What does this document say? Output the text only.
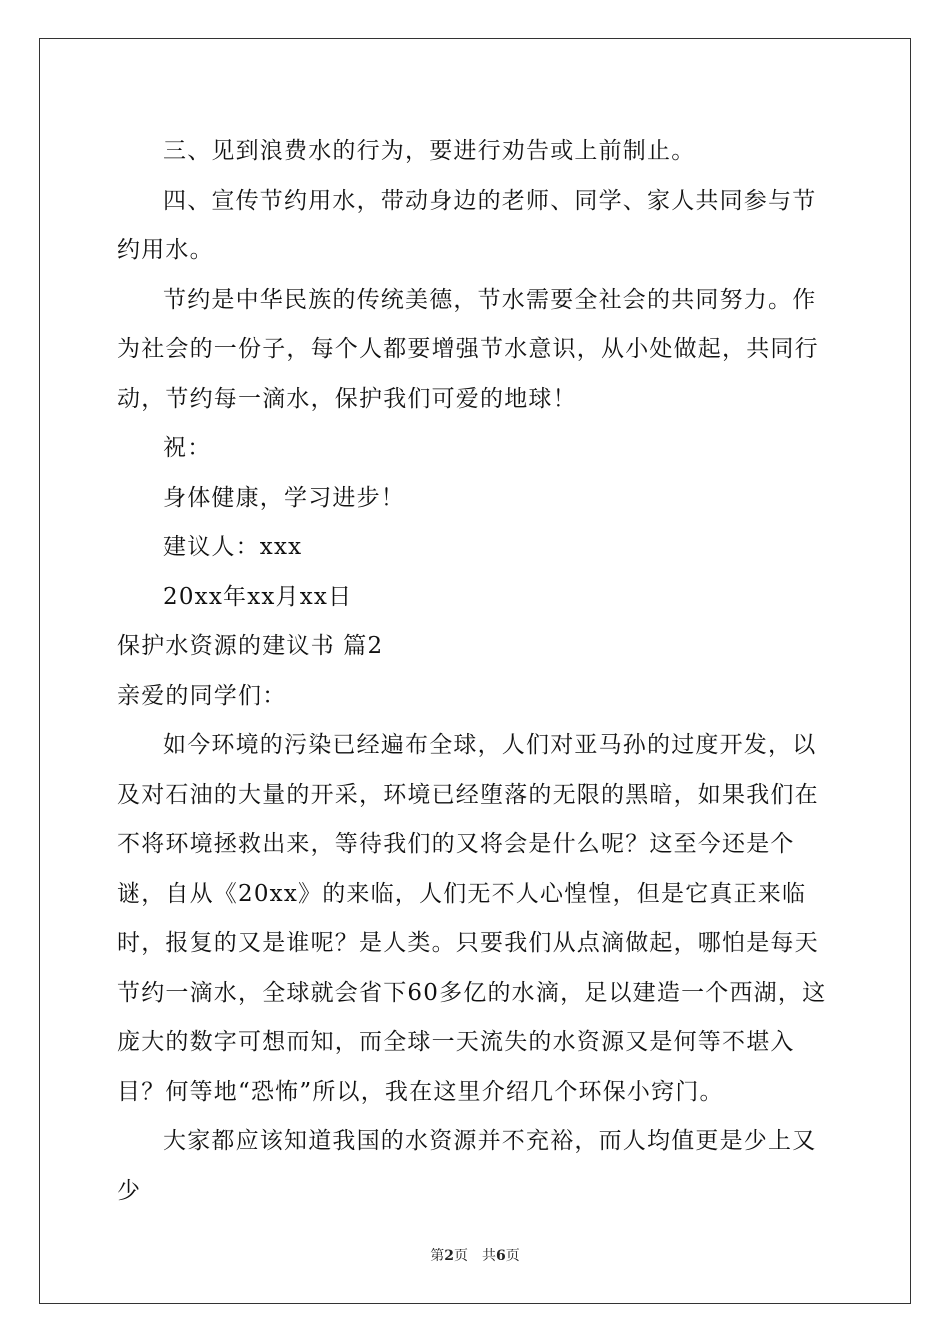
三、见到浪费水的行为，要进行劝告或上前制止。

四、宣传节约用水，带动身边的老师、同学、家人共同参与节约用水。

节约是中华民族的传统美德，节水需要全社会的共同努力。作为社会的一份子，每个人都要增强节水意识，从小处做起，共同行动，节约每一滴水，保护我们可爱的地球！

祝：

身体健康，学习进步！

建议人：xxx

20xx年xx月xx日

保护水资源的建议书 篇2

亲爱的同学们：

如今环境的污染已经遍布全球，人们对亚马孙的过度开发，以及对石油的大量的开采，环境已经堕落的无限的黑暗，如果我们在不将环境拯救出来，等待我们的又将会是什么呢？这至今还是个谜，自从《20xx》的来临，人们无不人心惶惶，但是它真正来临时，报复的又是谁呢？是人类。只要我们从点滴做起，哪怕是每天节约一滴水，全球就会省下60多亿的水滴，足以建造一个西湖，这庞大的数字可想而知，而全球一天流失的水资源又是何等不堪入目？何等地“恐怖”所以，我在这里介绍几个环保小窍门。

大家都应该知道我国的水资源并不充裕，而人均值更是少上又少

第2页　共6页
